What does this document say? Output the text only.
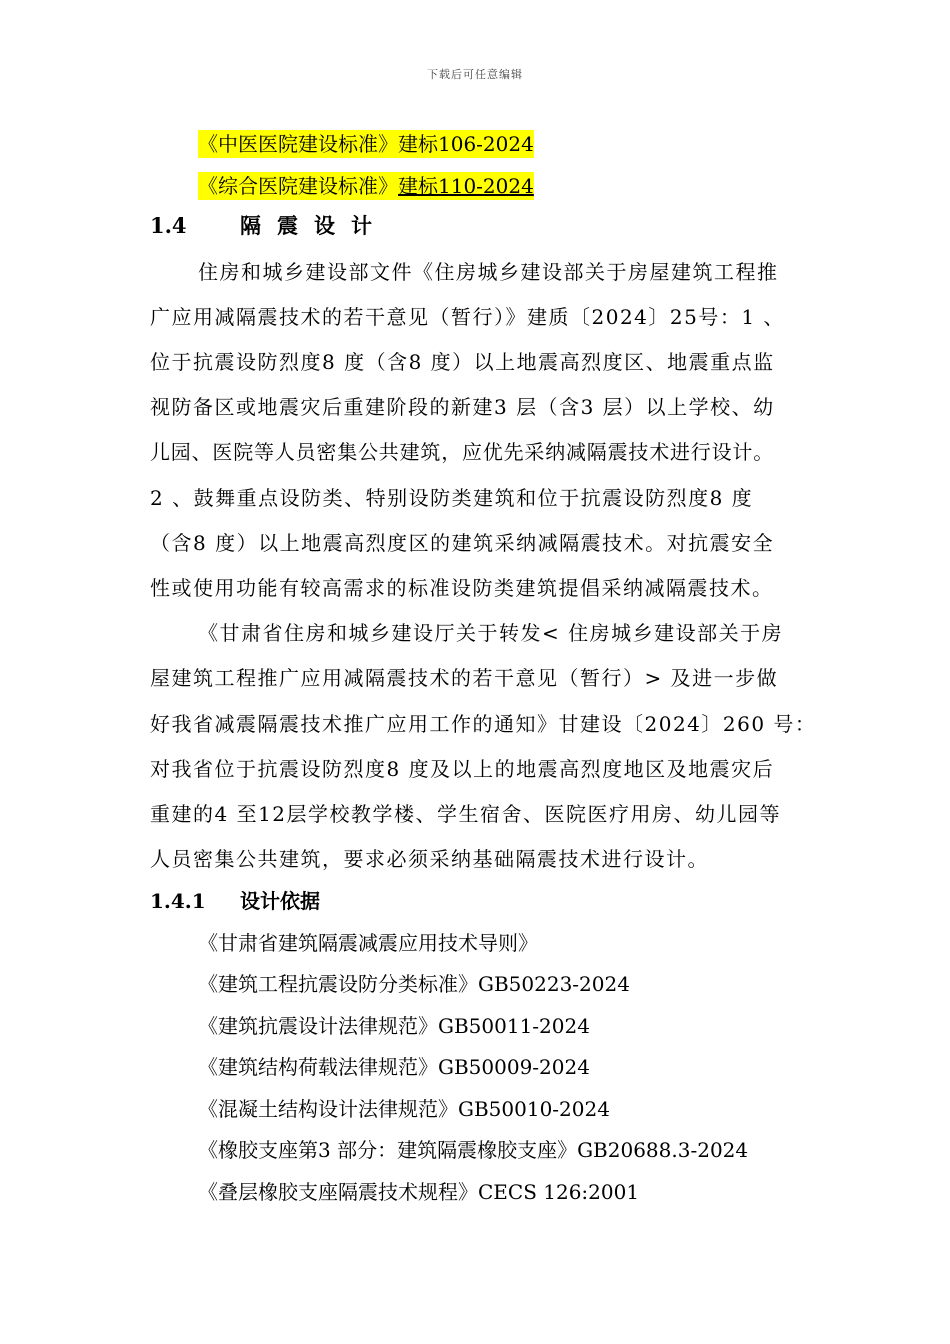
下载后可任意编辑
《中医医院建设标准》建标106-2024
《综合医院建设标准》建标110-2024
1.4	隔震设计
住房和城乡建设部文件《住房城乡建设部关于房屋建筑工程推
广应用减隔震技术的若干意见（暂行）》建质〔2024〕25号：1 、
位于抗震设防烈度8 度（含8 度）以上地震高烈度区、地震重点监
视防备区或地震灾后重建阶段的新建3 层（含3 层）以上学校、幼
儿园、医院等人员密集公共建筑，应优先采纳减隔震技术进行设计。
2 、鼓舞重点设防类、特别设防类建筑和位于抗震设防烈度8 度
（含8 度）以上地震高烈度区的建筑采纳减隔震技术。对抗震安全
性或使用功能有较高需求的标准设防类建筑提倡采纳减隔震技术。
《甘肃省住房和城乡建设厅关于转发< 住房城乡建设部关于房
屋建筑工程推广应用减隔震技术的若干意见（暂行）> 及进一步做
好我省减震隔震技术推广应用工作的通知》甘建设〔2024〕260 号：
对我省位于抗震设防烈度8 度及以上的地震高烈度地区及地震灾后
重建的4 至12层学校教学楼、学生宿舍、医院医疗用房、幼儿园等
人员密集公共建筑，要求必须采纳基础隔震技术进行设计。
1.4.1 设计依据
《甘肃省建筑隔震减震应用技术导则》
《建筑工程抗震设防分类标准》GB50223-2024
《建筑抗震设计法律规范》GB50011-2024
《建筑结构荷载法律规范》GB50009-2024
《混凝土结构设计法律规范》GB50010-2024
《橡胶支座第3 部分：建筑隔震橡胶支座》GB20688.3-2024
《叠层橡胶支座隔震技术规程》CECS 126:2001
